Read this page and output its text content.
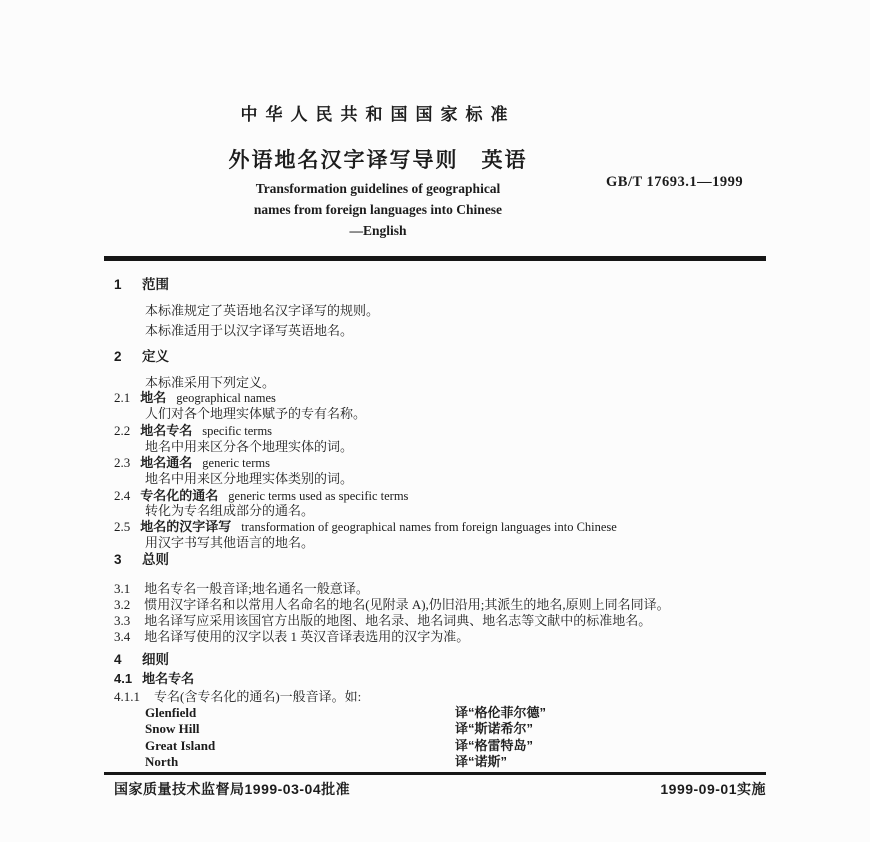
中华人民共和国国家标准
外语地名汉字译写导则　英语
Transformation guidelines of geographical
names from foreign languages into Chinese
—English
GB/T 17693.1—1999
1 范围
本标准规定了英语地名汉字译写的规则。
本标准适用于以汉字译写英语地名。
2 定义
本标准采用下列定义。
2.1 地名 geographical names
人们对各个地理实体赋予的专有名称。
2.2 地名专名 specific terms
地名中用来区分各个地理实体的词。
2.3 地名通名 generic terms
地名中用来区分地理实体类别的词。
2.4 专名化的通名 generic terms used as specific terms
转化为专名组成部分的通名。
2.5 地名的汉字译写 transformation of geographical names from foreign languages into Chinese
用汉字书写其他语言的地名。
3 总则
3.1 地名专名一般音译;地名通名一般意译。
3.2 惯用汉字译名和以常用人名命名的地名(见附录 A),仍旧沿用;其派生的地名,原则上同名同译。
3.3 地名译写应采用该国官方出版的地图、地名录、地名词典、地名志等文献中的标准地名。
3.4 地名译写使用的汉字以表 1 英汉音译表选用的汉字为准。
4 细则
4.1 地名专名
4.1.1 专名(含专名化的通名)一般音译。如:
Glenfield	译“格伦菲尔德”
Snow Hill	译“斯诺希尔”
Great Island	译“格雷特岛”
North	译“诺斯”
国家质量技术监督局1999-03-04批准	1999-09-01实施
